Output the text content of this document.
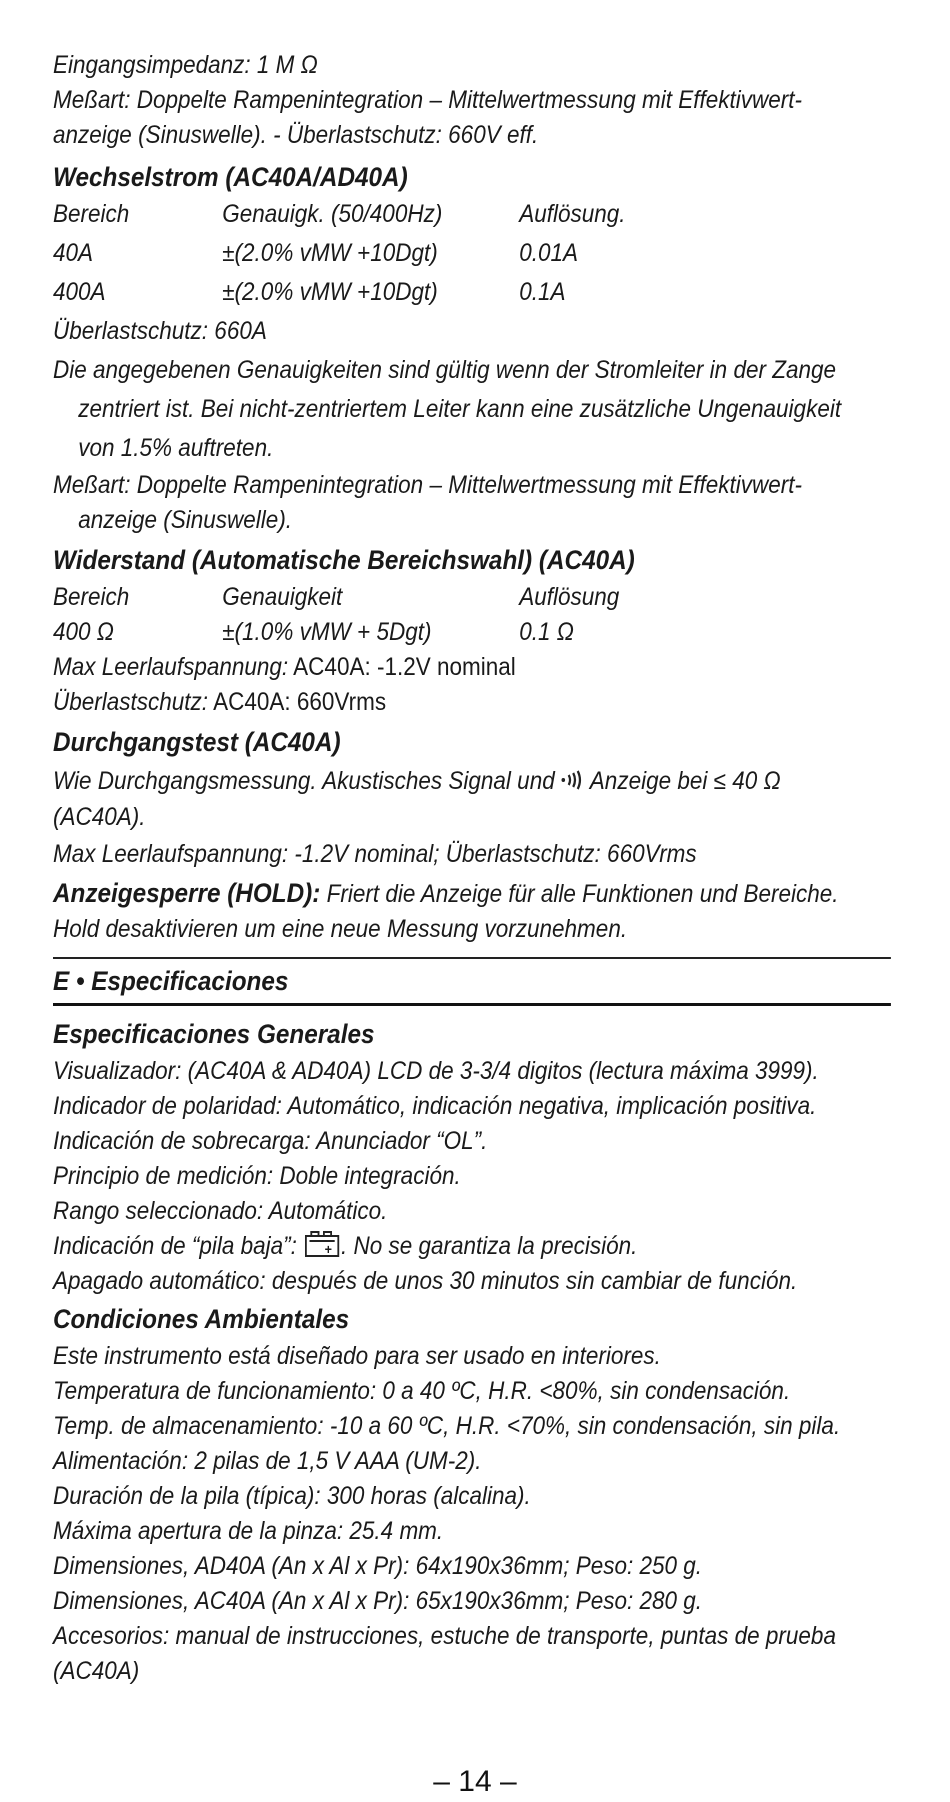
Eingangsimpedanz: 1 M Ω
Meßart: Doppelte Rampenintegration – Mittelwertmessung mit Effektivwert-
anzeige (Sinuswelle). - Überlastschutz: 660V eff.
Wechselstrom (AC40A/AD40A)
Bereich	Genauigk. (50/400Hz)	Auflösung.
40A	±(2.0% vMW +10Dgt)	0.01A
400A	±(2.0% vMW +10Dgt)	0.1A
Überlastschutz: 660A
Die angegebenen Genauigkeiten sind gültig wenn der Stromleiter in der Zange
zentriert ist. Bei nicht-zentriertem Leiter kann eine zusätzliche Ungenauigkeit
von 1.5% auftreten.
Meßart: Doppelte Rampenintegration – Mittelwertmessung mit Effektivwert-
anzeige (Sinuswelle).
Widerstand (Automatische Bereichswahl) (AC40A)
Bereich	Genauigkeit	Auflösung
400 Ω	±(1.0% vMW + 5Dgt)	0.1 Ω
Max Leerlaufspannung: AC40A: -1.2V nominal
Überlastschutz: AC40A: 660Vrms
Durchgangstest (AC40A)
Wie Durchgangsmessung. Akustisches Signal und  Anzeige bei ≤ 40 Ω
(AC40A).
Max Leerlaufspannung: -1.2V nominal; Überlastschutz: 660Vrms
Anzeigesperre (HOLD): Friert die Anzeige für alle Funktionen und Bereiche.
Hold desaktivieren um eine neue Messung vorzunehmen.
E • Especificaciones
Especificaciones Generales
Visualizador: (AC40A & AD40A) LCD de 3-3/4 digitos (lectura máxima 3999).
Indicador de polaridad: Automático, indicación negativa, implicación positiva.
Indicación de sobrecarga: Anunciador “OL”.
Principio de medición: Doble integración.
Rango seleccionado: Automático.
Indicación de “pila baja”: + . No se garantiza la precisión.
Apagado automático: después de unos 30 minutos sin cambiar de función.
Condiciones Ambientales
Este instrumento está diseñado para ser usado en interiores.
Temperatura de funcionamiento: 0 a 40 ºC, H.R. <80%, sin condensación.
Temp. de almacenamiento: -10 a 60 ºC, H.R. <70%, sin condensación, sin pila.
Alimentación: 2 pilas de 1,5 V AAA (UM-2).
Duración de la pila (típica): 300 horas (alcalina).
Máxima apertura de la pinza: 25.4 mm.
Dimensiones, AD40A (An x Al x Pr): 64x190x36mm; Peso: 250 g.
Dimensiones, AC40A (An x Al x Pr): 65x190x36mm; Peso: 280 g.
Accesorios: manual de instrucciones, estuche de transporte, puntas de prueba
(AC40A)
– 14 –
